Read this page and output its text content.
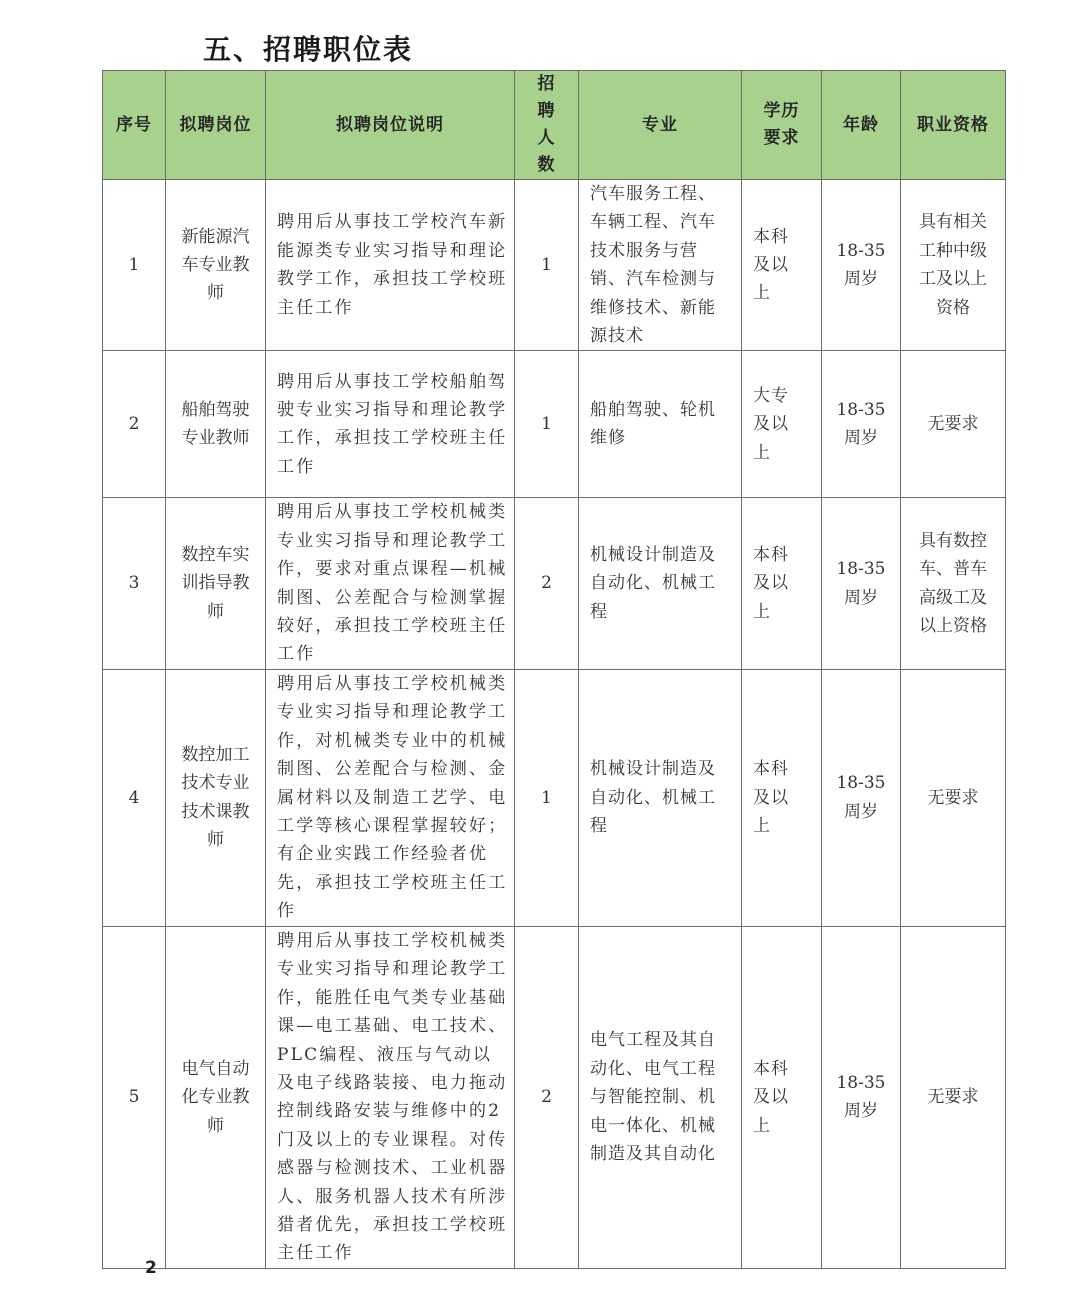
五、招聘职位表
序号	拟聘岗位	拟聘岗位说明	招聘人数	专业	学历要求	年龄	职业资格
1	新能源汽车专业教师	聘用后从事技工学校汽车新能源类专业实习指导和理论教学工作，承担技工学校班主任工作	1	汽车服务工程、车辆工程、汽车技术服务与营销、汽车检测与维修技术、新能源技术	本科及以上	18-35周岁	具有相关工种中级工及以上资格
2	船舶驾驶专业教师	聘用后从事技工学校船舶驾驶专业实习指导和理论教学工作，承担技工学校班主任工作	1	船舶驾驶、轮机维修	大专及以上	18-35周岁	无要求
3	数控车实训指导教师	聘用后从事技工学校机械类专业实习指导和理论教学工作，要求对重点课程—机械制图、公差配合与检测掌握较好，承担技工学校班主任工作	2	机械设计制造及自动化、机械工程	本科及以上	18-35周岁	具有数控车、普车高级工及以上资格
4	数控加工技术专业技术课教师	聘用后从事技工学校机械类专业实习指导和理论教学工作，对机械类专业中的机械制图、公差配合与检测、金属材料以及制造工艺学、电工学等核心课程掌握较好；有企业实践工作经验者优先，承担技工学校班主任工作	1	机械设计制造及自动化、机械工程	本科及以上	18-35周岁	无要求
5	电气自动化专业教师	聘用后从事技工学校机械类专业实习指导和理论教学工作，能胜任电气类专业基础课—电工基础、电工技术、PLC编程、液压与气动以及电子线路装接、电力拖动控制线路安装与维修中的2门及以上的专业课程。对传感器与检测技术、工业机器人、服务机器人技术有所涉猎者优先，承担技工学校班主任工作	2	电气工程及其自动化、电气工程与智能控制、机电一体化、机械制造及其自动化	本科及以上	18-35周岁	无要求
2
